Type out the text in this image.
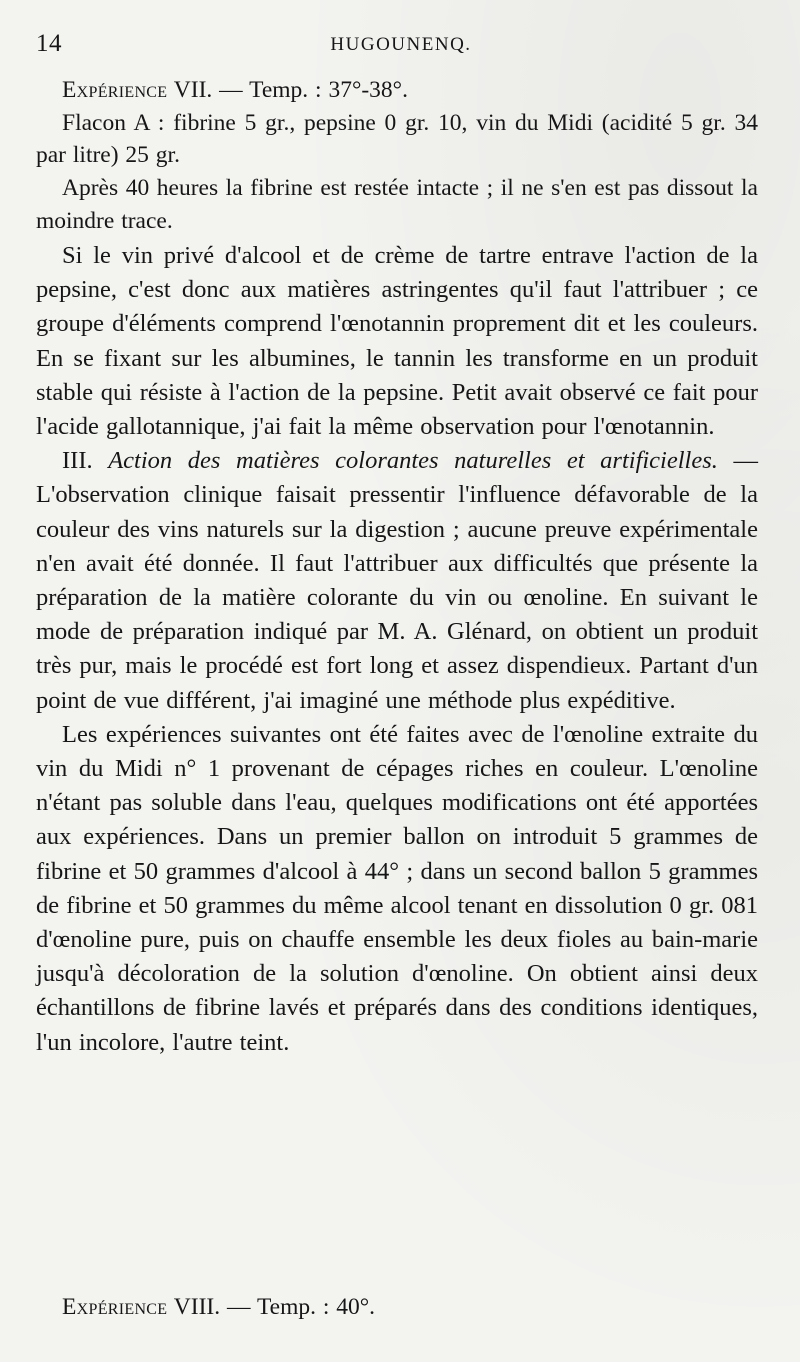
14	HUGOUNENQ.

Expérience VII. — Temp. : 37°-38°.

Flacon A : fibrine 5 gr., pepsine 0 gr. 10, vin du Midi (acidité 5 gr. 34 par litre) 25 gr.

Après 40 heures la fibrine est restée intacte ; il ne s'en est pas dissout la moindre trace.

Si le vin privé d'alcool et de crème de tartre entrave l'action de la pepsine, c'est donc aux matières astringentes qu'il faut l'attribuer ; ce groupe d'éléments comprend l'œnotannin proprement dit et les couleurs. En se fixant sur les albumines, le tannin les transforme en un produit stable qui résiste à l'action de la pepsine. Petit avait observé ce fait pour l'acide gallotannique, j'ai fait la même observation pour l'œnotannin.

III. Action des matières colorantes naturelles et artificielles. — L'observation clinique faisait pressentir l'influence défavorable de la couleur des vins naturels sur la digestion ; aucune preuve expérimentale n'en avait été donnée. Il faut l'attribuer aux difficultés que présente la préparation de la matière colorante du vin ou œnoline. En suivant le mode de préparation indiqué par M. A. Glénard, on obtient un produit très pur, mais le procédé est fort long et assez dispendieux. Partant d'un point de vue différent, j'ai imaginé une méthode plus expéditive.

Les expériences suivantes ont été faites avec de l'œnoline extraite du vin du Midi n° 1 provenant de cépages riches en couleur. L'œnoline n'étant pas soluble dans l'eau, quelques modifications ont été apportées aux expériences. Dans un premier ballon on introduit 5 grammes de fibrine et 50 grammes d'alcool à 44° ; dans un second ballon 5 grammes de fibrine et 50 grammes du même alcool tenant en dissolution 0 gr. 081 d'œnoline pure, puis on chauffe ensemble les deux fioles au bain-marie jusqu'à décoloration de la solution d'œnoline. On obtient ainsi deux échantillons de fibrine lavés et préparés dans des conditions identiques, l'un incolore, l'autre teint.

Expérience VIII. — Temp. : 40°.
